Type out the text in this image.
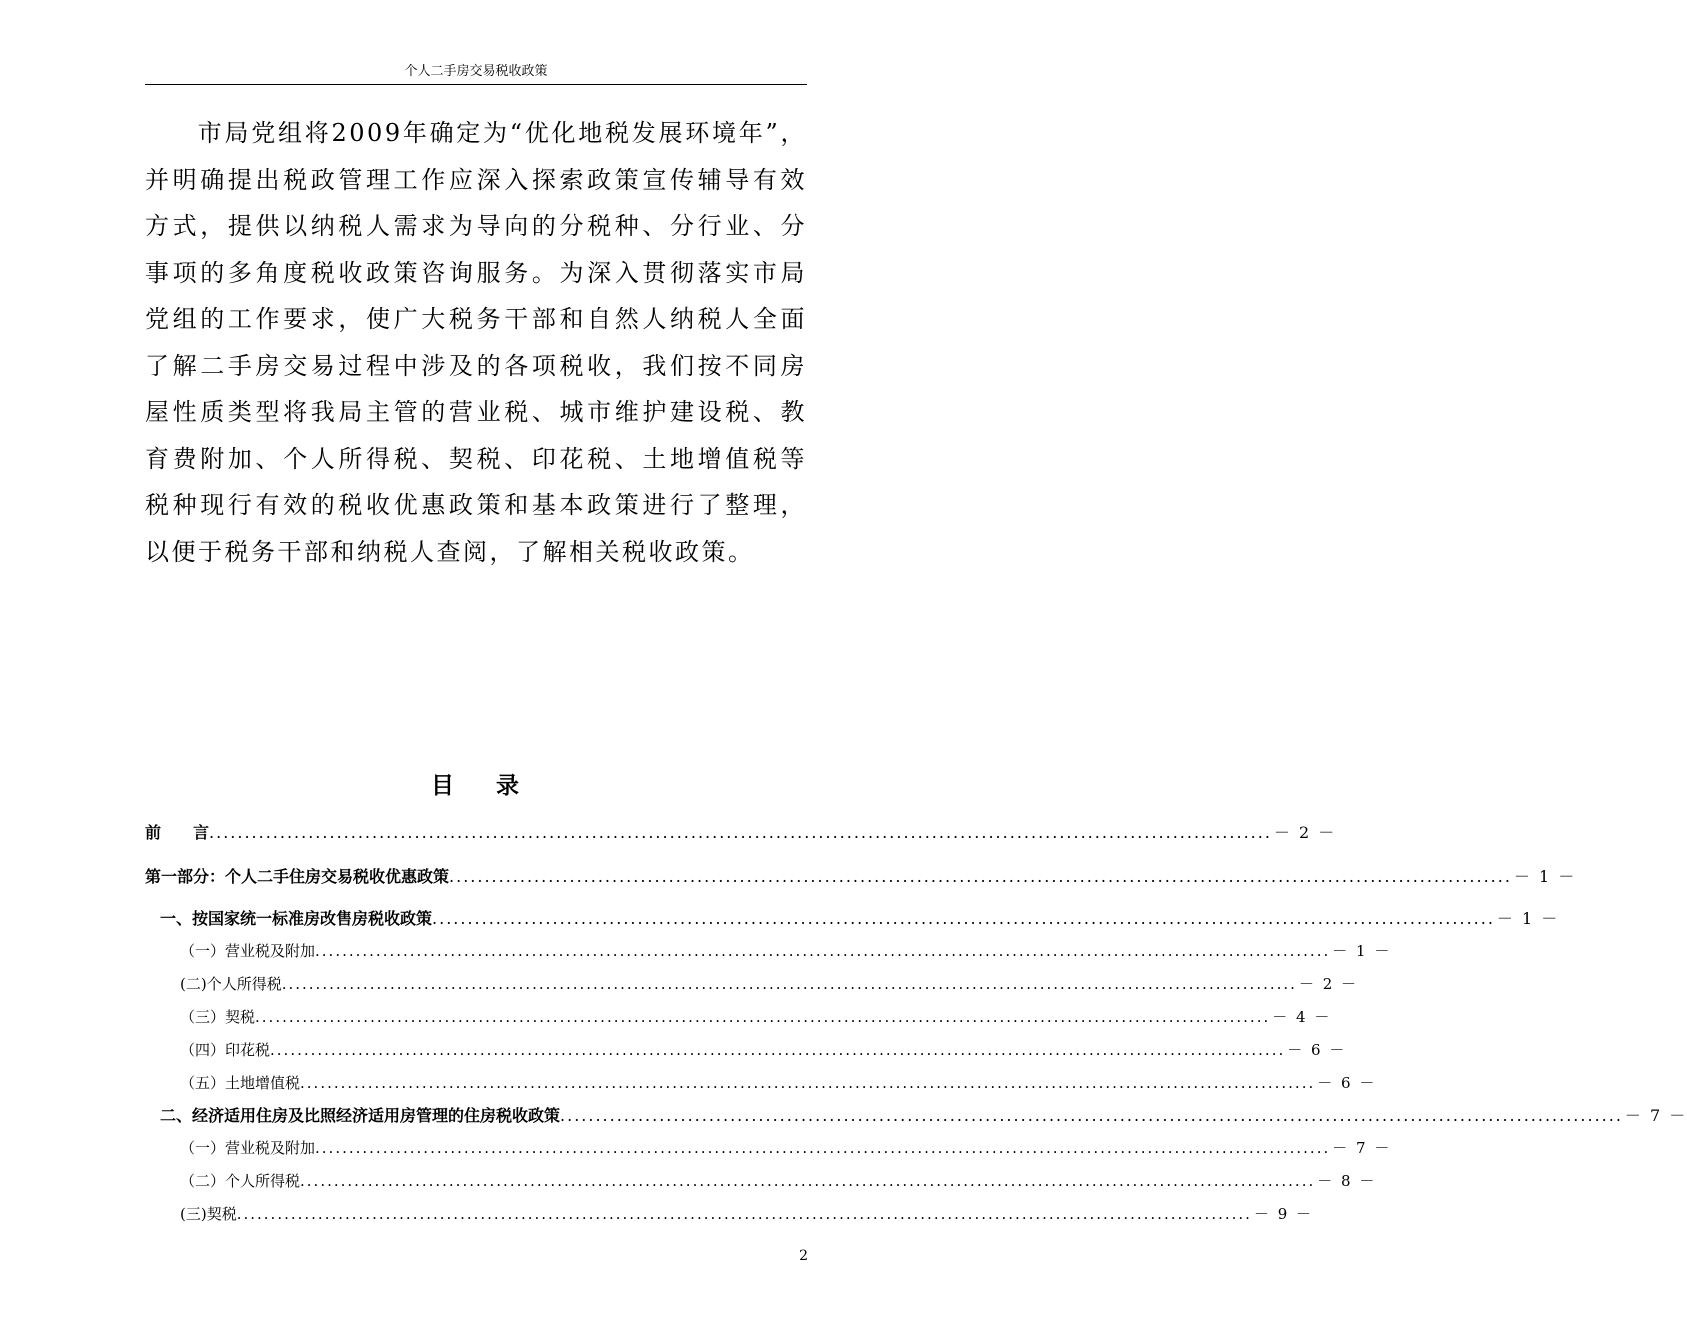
个人二手房交易税收政策

市局党组将2009年确定为“优化地税发展环境年”，并明确提出税政管理工作应深入探索政策宣传辅导有效方式，提供以纳税人需求为导向的分税种、分行业、分事项的多角度税收政策咨询服务。为深入贯彻落实市局党组的工作要求，使广大税务干部和自然人纳税人全面了解二手房交易过程中涉及的各项税收，我们按不同房屋性质类型将我局主管的营业税、城市维护建设税、教育费附加、个人所得税、契税、印花税、土地增值税等税种现行有效的税收优惠政策和基本政策进行了整理，以便于税务干部和纳税人查阅，了解相关税收政策。

目 录
前  言 ...................................................................................................................................................... － 2 －
第一部分：个人二手住房交易税收优惠政策 ...................................................................................................................................................... － 1 －
一、按国家统一标准房改售房税收政策 ...................................................................................................................................................... － 1 －
（一）营业税及附加 ...................................................................................................................................................... － 1 －
(二)个人所得税 ...................................................................................................................................................... － 2 －
（三）契税 ...................................................................................................................................................... － 4 －
（四）印花税 ...................................................................................................................................................... － 6 －
（五）土地增值税 ...................................................................................................................................................... － 6 －
二、经济适用住房及比照经济适用房管理的住房税收政策 ...................................................................................................................................................... － 7 －
（一）营业税及附加 ...................................................................................................................................................... － 7 －
（二）个人所得税 ...................................................................................................................................................... － 8 －
(三)契税 ...................................................................................................................................................... － 9 －
2
